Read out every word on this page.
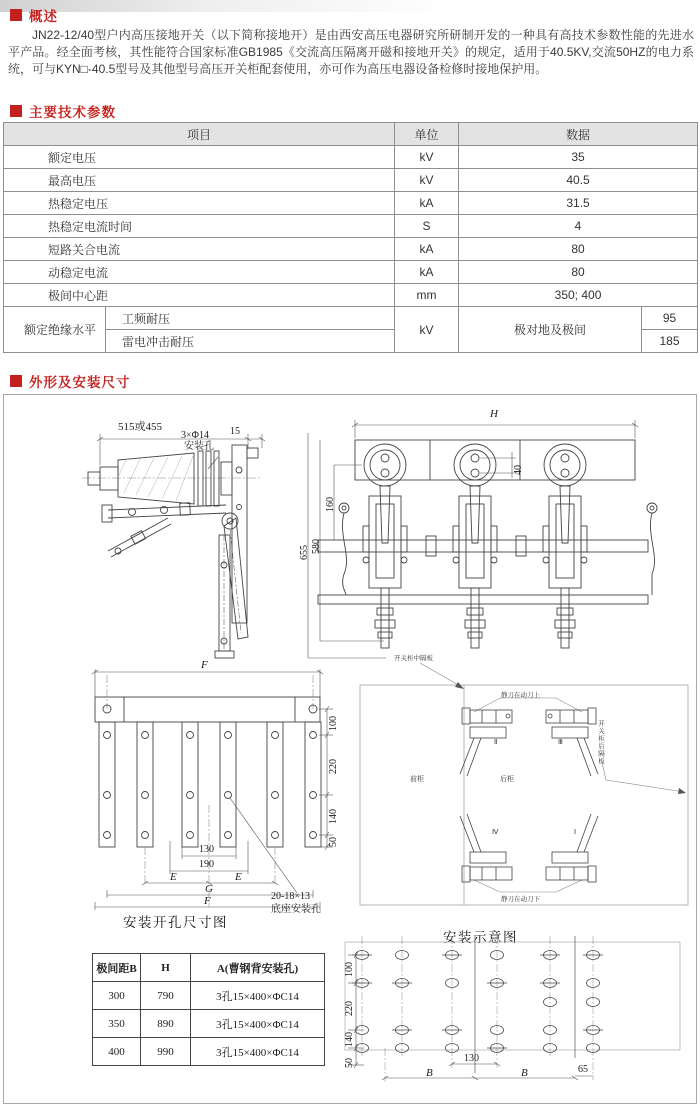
概述
JN22-12/40型户内高压接地开关（以下简称接地开）是由西安高压电器研究所研制开发的一种具有高技术参数性能的先进水平产品。经全面考核，其性能符合国家标准GB1985《交流高压隔离开磁和接地开关》的规定，适用于40.5KV,交流50HZ的电力系统，可与KYN□-40.5型号及其他型号高压开关柜配套使用，亦可作为高压电器设备检修时接地保护用。
主要技术参数
项目		单位	数据	
额定电压		kV	35	
最高电压		kV	40.5	
热稳定电压		kA	31.5	
热稳定电流时间		S	4	
短路关合电流		kA	80	
动稳定电流		kA	80	
极间中心距		mm	350; 400	
额定绝缘水平	工频耐压	kV	极对地及极间	95
	雷电冲击耐压			185
外形及安装尺寸
515或455
3×Φ14
安装孔
15
H
40
160
580
655
F
100
220
140
50
130
190
E	E
G
F	20-18×13
底座安装孔
安装开孔尺寸图
开关柜中隔板
静刀在动刀上
静刀在动刀下
前柜	后柜
Ⅱ	Ⅲ
Ⅳ	Ⅰ
开关柜后隔板
安装示意图
极间距B	H	A(曹钢背安装孔)
300	790	3孔15×400×ΦC14
350	890	3孔15×400×ΦC14
400	990	3孔15×400×ΦC14
100
220
140
50	130
B	B	65
